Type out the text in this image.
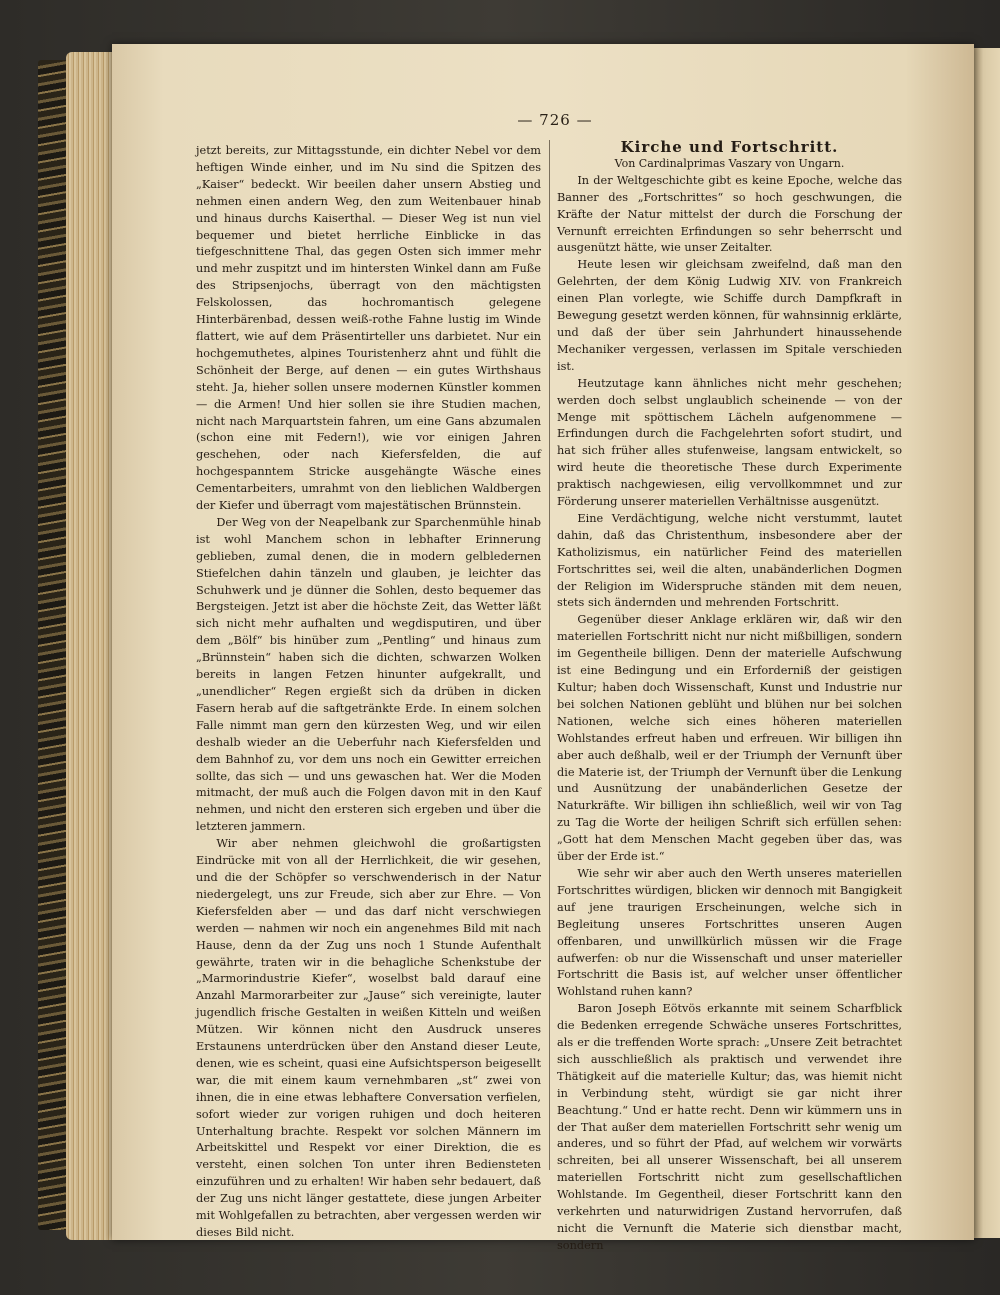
— 726 —

jetzt bereits, zur Mittagsstunde, ein dichter Nebel vor dem heftigen Winde einher, und im Nu sind die Spitzen des „Kaiser“ bedeckt. Wir beeilen daher unsern Abstieg und nehmen einen andern Weg, den zum Weitenbauer hinab und hinaus durchs Kaiserthal. — Dieser Weg ist nun viel bequemer und bietet herrliche Einblicke in das tiefgeschnittene Thal, das gegen Osten sich immer mehr und mehr zuspitzt und im hintersten Winkel dann am Fuße des Stripsenjochs, überragt von den mächtigsten Felskolossen, das hochromantisch gelegene Hinterbärenbad, dessen weiß-rothe Fahne lustig im Winde flattert, wie auf dem Präsentirteller uns darbietet. Nur ein hochgemuthetes, alpines Touristenherz ahnt und fühlt die Schönheit der Berge, auf denen — ein gutes Wirthshaus steht. Ja, hieher sollen unsere modernen Künstler kommen — die Armen! Und hier sollen sie ihre Studien machen, nicht nach Marquartstein fahren, um eine Gans abzumalen (schon eine mit Federn!), wie vor einigen Jahren geschehen, oder nach Kiefersfelden, die auf hochgespanntem Stricke ausgehängte Wäsche eines Cementarbeiters, umrahmt von den lieblichen Waldbergen der Kiefer und überragt vom majestätischen Brünnstein.

Der Weg von der Neapelbank zur Sparchenmühle hinab ist wohl Manchem schon in lebhafter Erinnerung geblieben, zumal denen, die in modern gelbledernen Stiefelchen dahin tänzeln und glauben, je leichter das Schuhwerk und je dünner die Sohlen, desto bequemer das Bergsteigen. Jetzt ist aber die höchste Zeit, das Wetter läßt sich nicht mehr aufhalten und wegdisputiren, und über dem „Bölf“ bis hinüber zum „Pentling“ und hinaus zum „Brünnstein“ haben sich die dichten, schwarzen Wolken bereits in langen Fetzen hinunter aufgekrallt, und „unendlicher“ Regen ergießt sich da drüben in dicken Fasern herab auf die saftgetränkte Erde. In einem solchen Falle nimmt man gern den kürzesten Weg, und wir eilen deshalb wieder an die Ueberfuhr nach Kiefersfelden und dem Bahnhof zu, vor dem uns noch ein Gewitter erreichen sollte, das sich — und uns gewaschen hat. Wer die Moden mitmacht, der muß auch die Folgen davon mit in den Kauf nehmen, und nicht den ersteren sich ergeben und über die letzteren jammern.

Wir aber nehmen gleichwohl die großartigsten Eindrücke mit von all der Herrlichkeit, die wir gesehen, und die der Schöpfer so verschwenderisch in der Natur niedergelegt, uns zur Freude, sich aber zur Ehre. — Von Kiefersfelden aber — und das darf nicht verschwiegen werden — nahmen wir noch ein angenehmes Bild mit nach Hause, denn da der Zug uns noch 1 Stunde Aufenthalt gewährte, traten wir in die behagliche Schenkstube der „Marmorindustrie Kiefer“, woselbst bald darauf eine Anzahl Marmorarbeiter zur „Jause“ sich vereinigte, lauter jugendlich frische Gestalten in weißen Kitteln und weißen Mützen. Wir können nicht den Ausdruck unseres Erstaunens unterdrücken über den Anstand dieser Leute, denen, wie es scheint, quasi eine Aufsichtsperson beigesellt war, die mit einem kaum vernehmbaren „st“ zwei von ihnen, die in eine etwas lebhaftere Conversation verfielen, sofort wieder zur vorigen ruhigen und doch heiteren Unterhaltung brachte. Respekt vor solchen Männern im Arbeitskittel und Respekt vor einer Direktion, die es versteht, einen solchen Ton unter ihren Bediensteten einzuführen und zu erhalten! Wir haben sehr bedauert, daß der Zug uns nicht länger gestattete, diese jungen Arbeiter mit Wohlgefallen zu betrachten, aber vergessen werden wir dieses Bild nicht.

Kirche und Fortschritt.

Von Cardinalprimas Vaszary von Ungarn.

In der Weltgeschichte gibt es keine Epoche, welche das Banner des „Fortschrittes“ so hoch geschwungen, die Kräfte der Natur mittelst der durch die Forschung der Vernunft erreichten Erfindungen so sehr beherrscht und ausgenützt hätte, wie unser Zeitalter.

Heute lesen wir gleichsam zweifelnd, daß man den Gelehrten, der dem König Ludwig XIV. von Frankreich einen Plan vorlegte, wie Schiffe durch Dampfkraft in Bewegung gesetzt werden können, für wahnsinnig erklärte, und daß der über sein Jahrhundert hinaussehende Mechaniker vergessen, verlassen im Spitale verschieden ist.

Heutzutage kann ähnliches nicht mehr geschehen; werden doch selbst unglaublich scheinende — von der Menge mit spöttischem Lächeln aufgenommene — Erfindungen durch die Fachgelehrten sofort studirt, und hat sich früher alles stufenweise, langsam entwickelt, so wird heute die theoretische These durch Experimente praktisch nachgewiesen, eilig vervollkommnet und zur Förderung unserer materiellen Verhältnisse ausgenützt.

Eine Verdächtigung, welche nicht verstummt, lautet dahin, daß das Christenthum, insbesondere aber der Katholizismus, ein natürlicher Feind des materiellen Fortschrittes sei, weil die alten, unabänderlichen Dogmen der Religion im Widerspruche ständen mit dem neuen, stets sich ändernden und mehrenden Fortschritt.

Gegenüber dieser Anklage erklären wir, daß wir den materiellen Fortschritt nicht nur nicht mißbilligen, sondern im Gegentheile billigen. Denn der materielle Aufschwung ist eine Bedingung und ein Erforderniß der geistigen Kultur; haben doch Wissenschaft, Kunst und Industrie nur bei solchen Nationen geblüht und blühen nur bei solchen Nationen, welche sich eines höheren materiellen Wohlstandes erfreut haben und erfreuen. Wir billigen ihn aber auch deßhalb, weil er der Triumph der Vernunft über die Materie ist, der Triumph der Vernunft über die Lenkung und Ausnützung der unabänderlichen Gesetze der Naturkräfte. Wir billigen ihn schließlich, weil wir von Tag zu Tag die Worte der heiligen Schrift sich erfüllen sehen: „Gott hat dem Menschen Macht gegeben über das, was über der Erde ist.“

Wie sehr wir aber auch den Werth unseres materiellen Fortschrittes würdigen, blicken wir dennoch mit Bangigkeit auf jene traurigen Erscheinungen, welche sich in Begleitung unseres Fortschrittes unseren Augen offenbaren, und unwillkürlich müssen wir die Frage aufwerfen: ob nur die Wissenschaft und unser materieller Fortschritt die Basis ist, auf welcher unser öffentlicher Wohlstand ruhen kann?

Baron Joseph Eötvös erkannte mit seinem Scharfblick die Bedenken erregende Schwäche unseres Fortschrittes, als er die treffenden Worte sprach: „Unsere Zeit betrachtet sich ausschließlich als praktisch und verwendet ihre Thätigkeit auf die materielle Kultur; das, was hiemit nicht in Verbindung steht, würdigt sie gar nicht ihrer Beachtung.“ Und er hatte recht. Denn wir kümmern uns in der That außer dem materiellen Fortschritt sehr wenig um anderes, und so führt der Pfad, auf welchem wir vorwärts schreiten, bei all unserer Wissenschaft, bei all unserem materiellen Fortschritt nicht zum gesellschaftlichen Wohlstande. Im Gegentheil, dieser Fortschritt kann den verkehrten und naturwidrigen Zustand hervorrufen, daß nicht die Vernunft die Materie sich dienstbar macht, sondern
